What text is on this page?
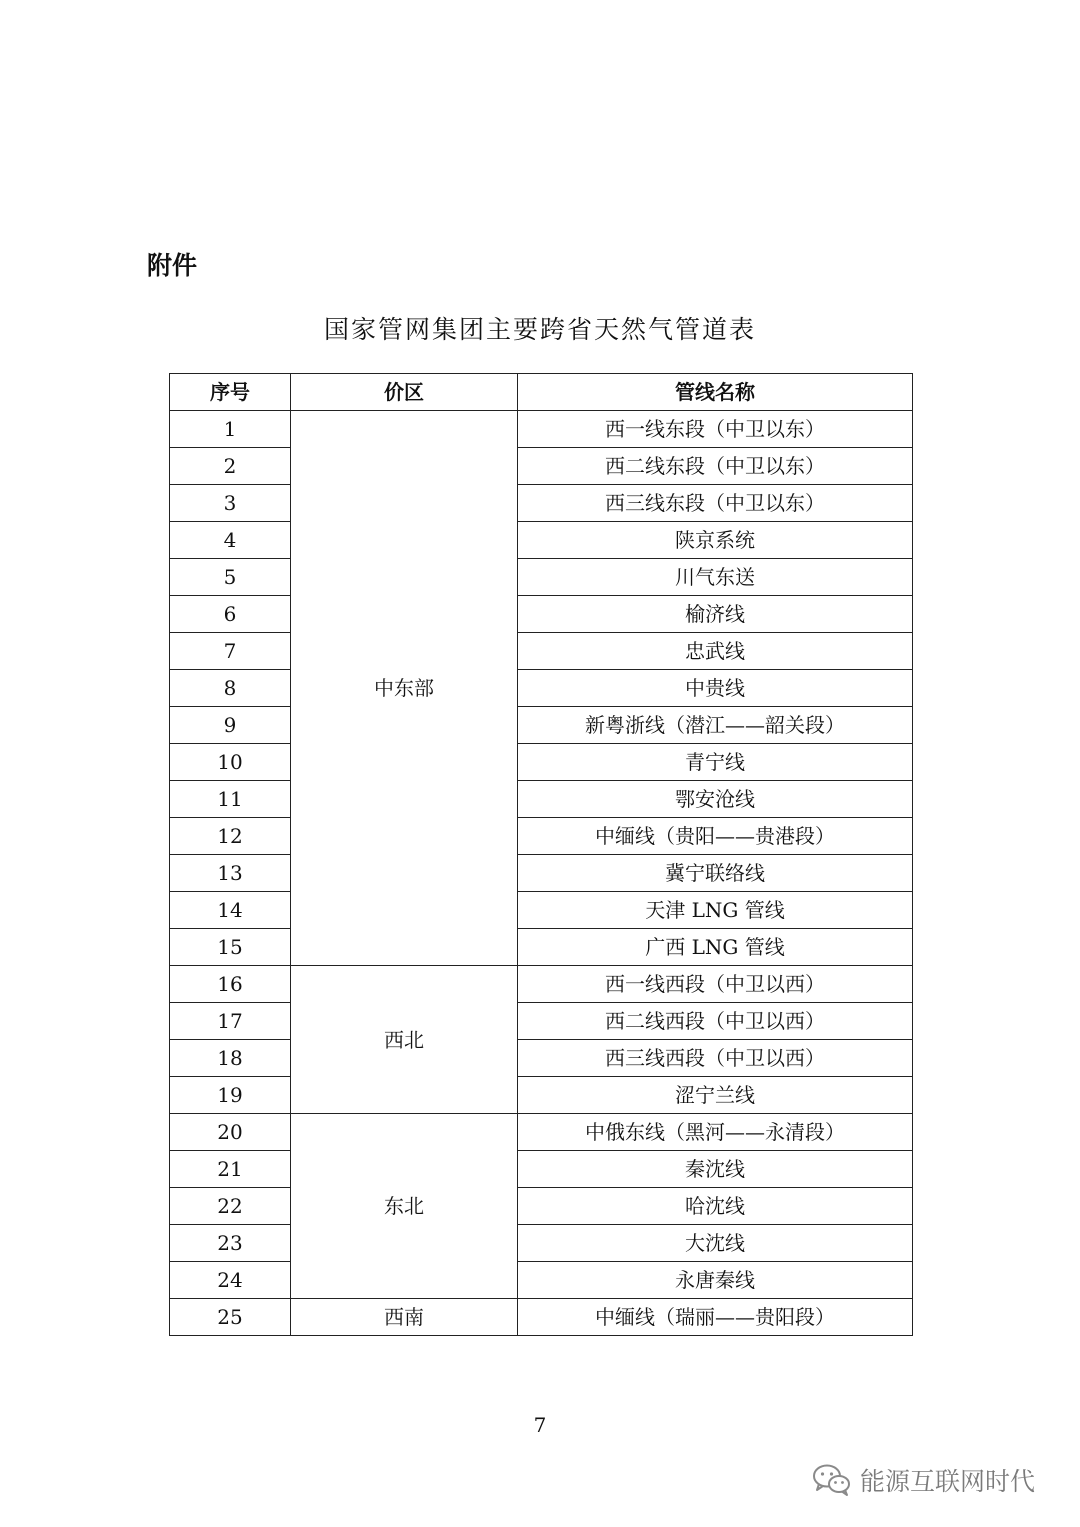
附件
国家管网集团主要跨省天然气管道表
序号	价区	管线名称
1	中东部	西一线东段（中卫以东）
2		西二线东段（中卫以东）
3		西三线东段（中卫以东）
4		陕京系统
5		川气东送
6		榆济线
7		忠武线
8		中贵线
9		新粤浙线（潜江——韶关段）
10		青宁线
11		鄂安沧线
12		中缅线（贵阳——贵港段）
13		冀宁联络线
14		天津 LNG 管线
15		广西 LNG 管线
16	西北	西一线西段（中卫以西）
17		西二线西段（中卫以西）
18		西三线西段（中卫以西）
19		涩宁兰线
20	东北	中俄东线（黑河——永清段）
21		秦沈线
22		哈沈线
23		大沈线
24		永唐秦线
25	西南	中缅线（瑞丽——贵阳段）
7
能源互联网时代
